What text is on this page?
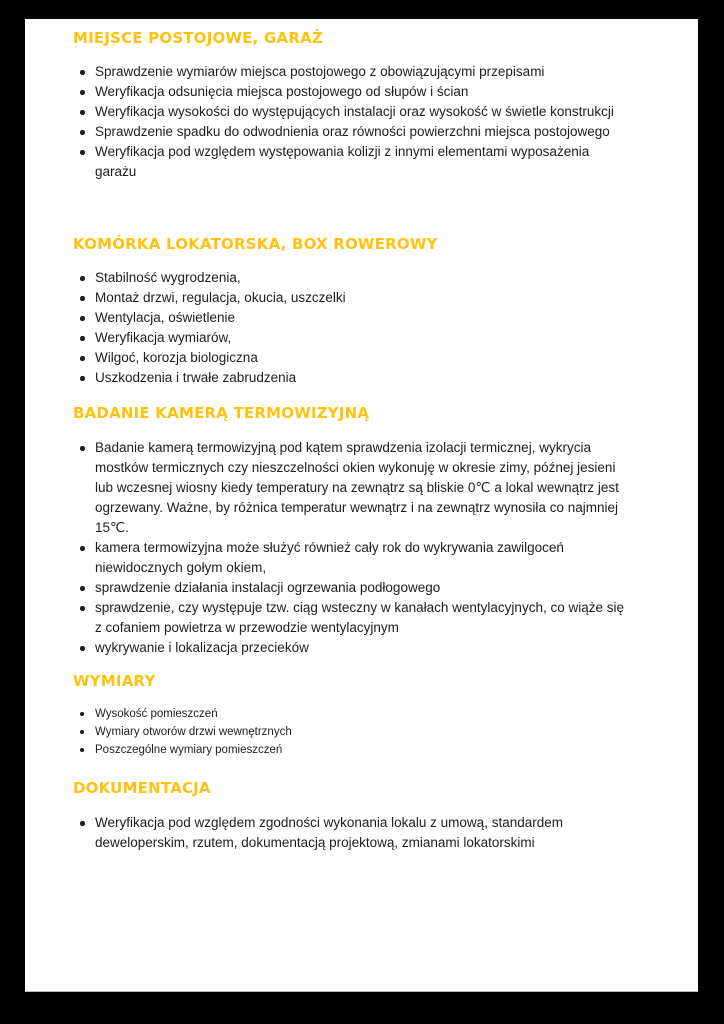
MIEJSCE POSTOJOWE, GARAŻ
Sprawdzenie wymiarów miejsca postojowego z obowiązującymi przepisami
Weryfikacja odsunięcia miejsca postojowego od słupów i ścian
Weryfikacja wysokości do występujących instalacji oraz wysokość w świetle konstrukcji
Sprawdzenie spadku do odwodnienia oraz równości powierzchni miejsca postojowego
Weryfikacja pod względem występowania kolizji z innymi elementami wyposażenia garażu
KOMÓRKA LOKATORSKA, BOX ROWEROWY
Stabilność wygrodzenia,
Montaż drzwi, regulacja, okucia, uszczelki
Wentylacja, oświetlenie
Weryfikacja wymiarów,
Wilgoć, korozja biologiczna
Uszkodzenia i trwałe zabrudzenia
BADANIE KAMERĄ TERMOWIZYJNĄ
Badanie kamerą termowizyjną pod kątem sprawdzenia izolacji termicznej, wykrycia mostków termicznych czy nieszczelności okien wykonuję w okresie zimy, późnej jesieni lub wczesnej wiosny kiedy temperatury na zewnątrz są bliskie 0℃ a lokal wewnątrz jest ogrzewany. Ważne, by różnica temperatur wewnątrz i na zewnątrz wynosiła co najmniej 15℃.
kamera termowizyjna może służyć również cały rok do wykrywania zawilgoceń niewidocznych gołym okiem,
sprawdzenie działania instalacji ogrzewania podłogowego
sprawdzenie, czy występuje tzw. ciąg wsteczny w kanałach wentylacyjnych, co wiąże się z cofaniem powietrza w przewodzie wentylacyjnym
wykrywanie i lokalizacja przecieków
WYMIARY
Wysokość pomieszczeń
Wymiary otworów drzwi wewnętrznych
Poszczególne wymiary pomieszczeń
DOKUMENTACJA
Weryfikacja pod względem zgodności wykonania lokalu z umową, standardem deweloperskim, rzutem, dokumentacją projektową, zmianami lokatorskimi
